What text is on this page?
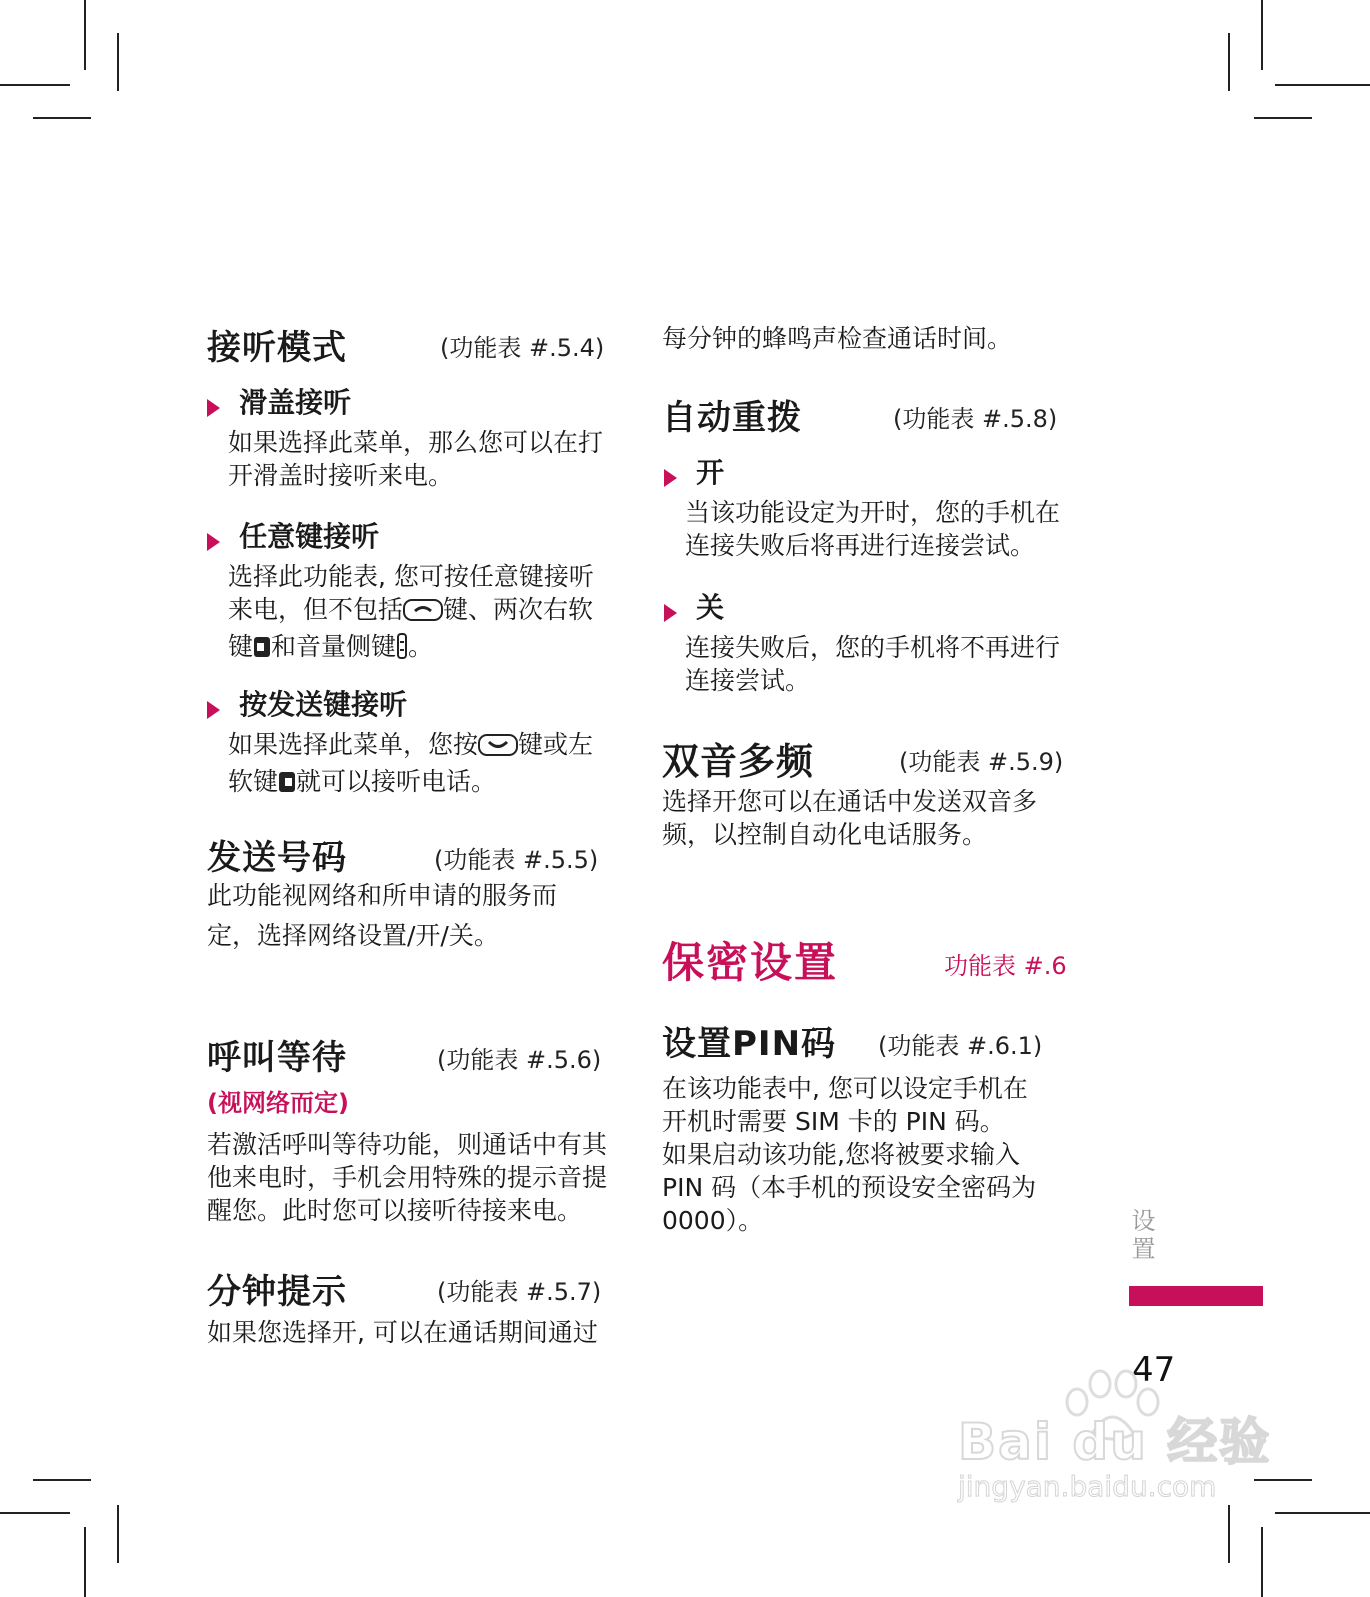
接听模式	(功能表 #.5.4)
滑盖接听
如果选择此菜单，那么您可以在打
开滑盖时接听来电。
任意键接听
选择此功能表, 您可按任意键接听
来电，但不包括 键、两次右软
键 和音量侧键 。
按发送键接听
如果选择此菜单，您按 键或左
软键 就可以接听电话。
发送号码	(功能表 #.5.5)
此功能视网络和所申请的服务而
定，选择网络设置/开/关。
呼叫等待	(功能表 #.5.6)
(视网络而定)
若激活呼叫等待功能，则通话中有其
他来电时，手机会用特殊的提示音提
醒您。此时您可以接听待接来电。
分钟提示	(功能表 #.5.7)
如果您选择开, 可以在通话期间通过
每分钟的蜂鸣声检查通话时间。
自动重拨	(功能表 #.5.8)
开
当该功能设定为开时，您的手机在
连接失败后将再进行连接尝试。
关
连接失败后，您的手机将不再进行
连接尝试。
双音多频	(功能表 #.5.9)
选择开您可以在通话中发送双音多
频，以控制自动化电话服务。
保密设置	功能表 #.6
设置PIN码 (功能表 #.6.1)
在该功能表中, 您可以设定手机在
开机时需要 SIM 卡的 PIN 码。
如果启动该功能,您将被要求输入
PIN 码（本手机的预设安全密码为
0000）。	设置
47
Bai du 经验
jingyan.baidu.com
